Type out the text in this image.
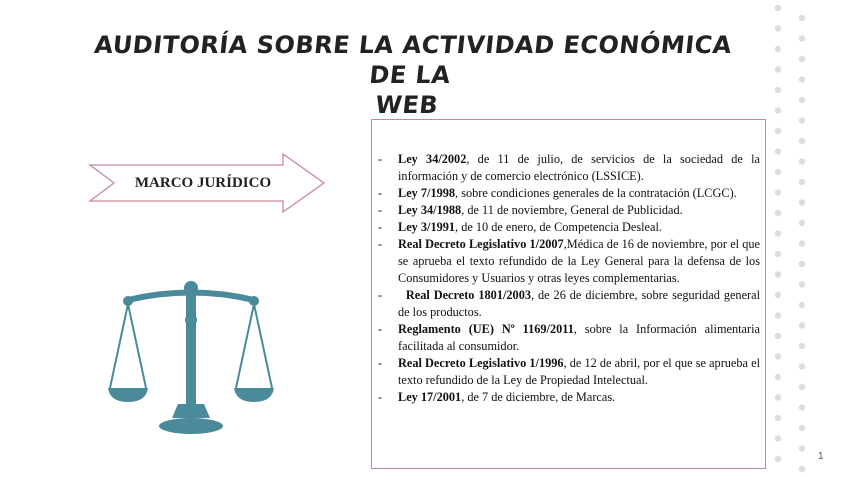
AUDITORÍA SOBRE LA ACTIVIDAD ECONÓMICA DE LA
WEB
MARCO JURÍDICO
- Ley 34/2002, de 11 de julio, de servicios de la sociedad de la información y de comercio electrónico (LSSICE).
- Ley 7/1998, sobre condiciones generales de la contratación (LCGC).
- Ley 34/1988, de 11 de noviembre, General de Publicidad.
- Ley 3/1991, de 10 de enero, de Competencia Desleal.
- Real Decreto Legislativo 1/2007,Médica de 16 de noviembre, por el que se aprueba el texto refundido de la Ley General para la defensa de los Consumidores y Usuarios y otras leyes complementarias.
- Real Decreto 1801/2003, de 26 de diciembre, sobre seguridad general de los productos.
- Reglamento (UE) Nº 1169/2011, sobre la Información alimentaria facilitada al consumidor.
- Real Decreto Legislativo 1/1996, de 12 de abril, por el que se aprueba el texto refundido de la Ley de Propiedad Intelectual.
- Ley 17/2001, de 7 de diciembre, de Marcas.
1
